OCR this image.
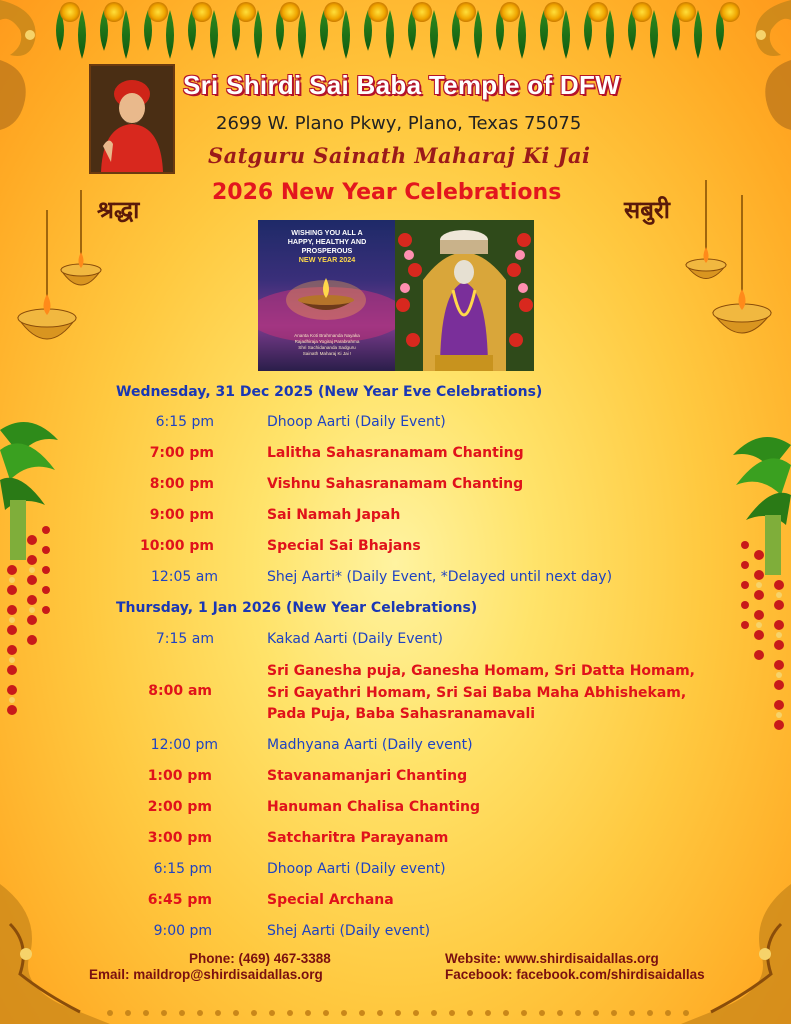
Sri Shirdi Sai Baba Temple of DFW
2699 W. Plano Pkwy, Plano, Texas 75075
Satguru Sainath Maharaj Ki Jai
2026 New Year Celebrations
श्रद्धा	सबुरी
WISHING YOU ALL A
HAPPY, HEALTHY AND
PROSPEROUS
NEW YEAR 2024
Ananta Koti Brahmanda Nayaka
Rajadhiraja Yogiraj Parabrahma
Shri Sachidananda Sadguru
Sainath Maharaj Ki Jai !
Wednesday, 31 Dec 2025 (New Year Eve Celebrations)
6:15 pm	Dhoop Aarti (Daily Event)
7:00 pm	Lalitha Sahasranamam Chanting
8:00 pm	Vishnu Sahasranamam Chanting
9:00 pm	Sai Namah Japah
10:00 pm	Special Sai Bhajans
12:05 am	Shej Aarti* (Daily Event, *Delayed until next day)
Thursday, 1 Jan 2026 (New Year Celebrations)
7:15 am	Kakad Aarti (Daily Event)
8:00 am
Sri Ganesha puja, Ganesha Homam, Sri Datta Homam,
Sri Gayathri Homam, Sri Sai Baba Maha Abhishekam,
Pada Puja, Baba Sahasranamavali
12:00 pm	Madhyana Aarti (Daily event)
1:00 pm	Stavanamanjari Chanting
2:00 pm	Hanuman Chalisa Chanting
3:00 pm	Satcharitra Parayanam
6:15 pm	Dhoop Aarti (Daily event)
6:45 pm	Special Archana
9:00 pm	Shej Aarti (Daily event)
Phone: (469) 467-3388
Email: maildrop@shirdisaidallas.org
Website: www.shirdisaidallas.org
Facebook: facebook.com/shirdisaidallas
